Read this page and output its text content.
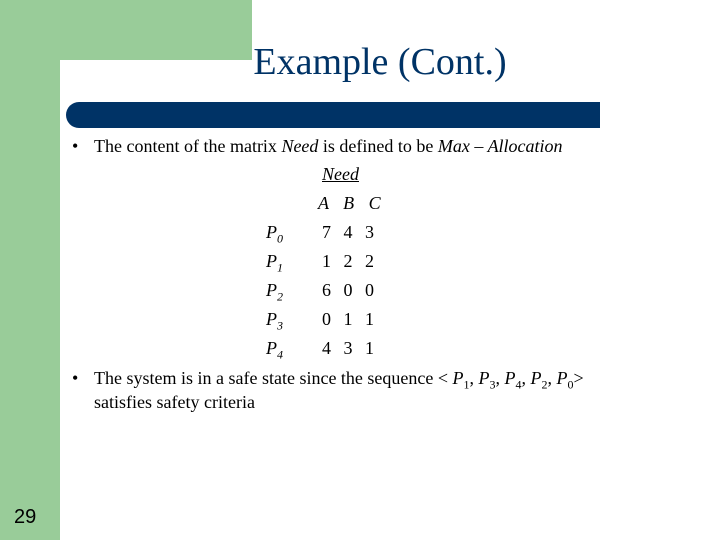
Example (Cont.)
• The content of the matrix Need is defined to be Max – Allocation
Need
A B C
$P_0$ 7 4 3
$P_1$ 1 2 2
$P_2$ 6 0 0
$P_3$ 0 1 1
$P_4$ 4 3 1
• The system is in a safe state since the sequence < $P_1$, $P_3$, $P_4$, $P_2$, $P_0>$
satisfies safety criteria
29
